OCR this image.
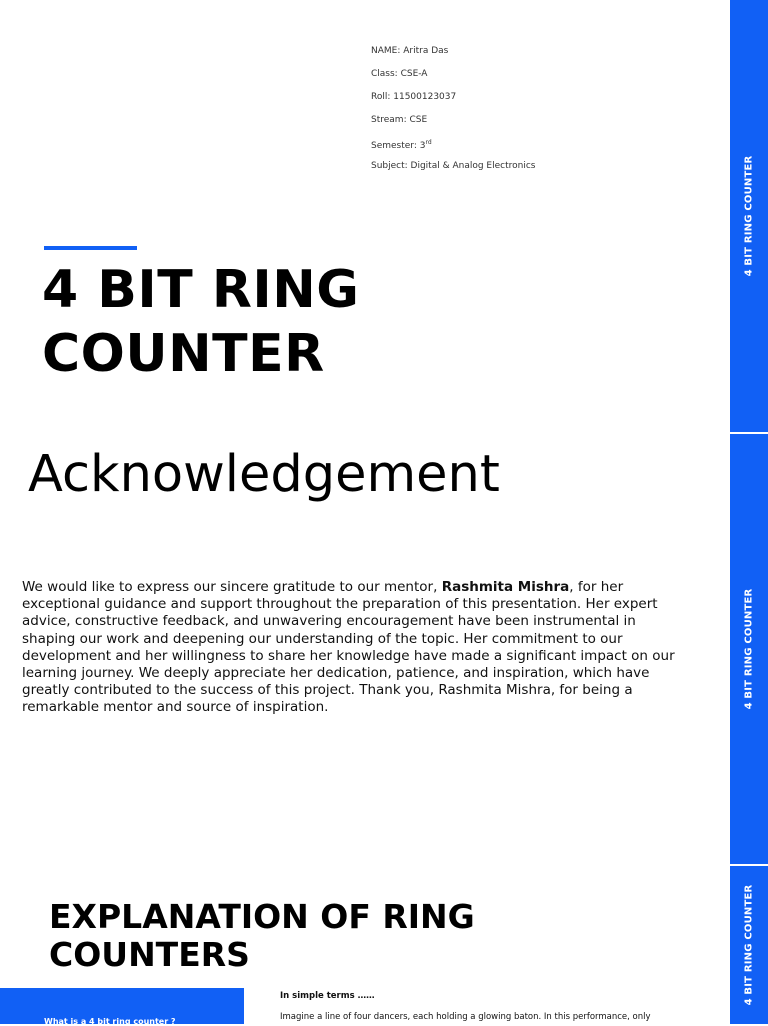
4 BIT RING COUNTER
4 BIT RING COUNTER
4 BIT RING COUNTER
NAME: Aritra Das
Class: CSE-A
Roll: 11500123037
Stream: CSE
Semester: 3rd
Subject: Digital & Analog Electronics
4 BIT RING
COUNTER
Acknowledgement

We would like to express our sincere gratitude to our mentor, Rashmita Mishra, for her exceptional guidance and support throughout the preparation of this presentation. Her expert advice, constructive feedback, and unwavering encouragement have been instrumental in shaping our work and deepening our understanding of the topic. Her commitment to our development and her willingness to share her knowledge have made a significant impact on our learning journey. We deeply appreciate her dedication, patience, and inspiration, which have greatly contributed to the success of this project. Thank you, Rashmita Mishra, for being a remarkable mentor and source of inspiration.

EXPLANATION OF RING
COUNTERS
What is a 4 bit ring counter ?
In simple terms ……
Imagine a line of four dancers, each holding a glowing baton. In this performance, only
